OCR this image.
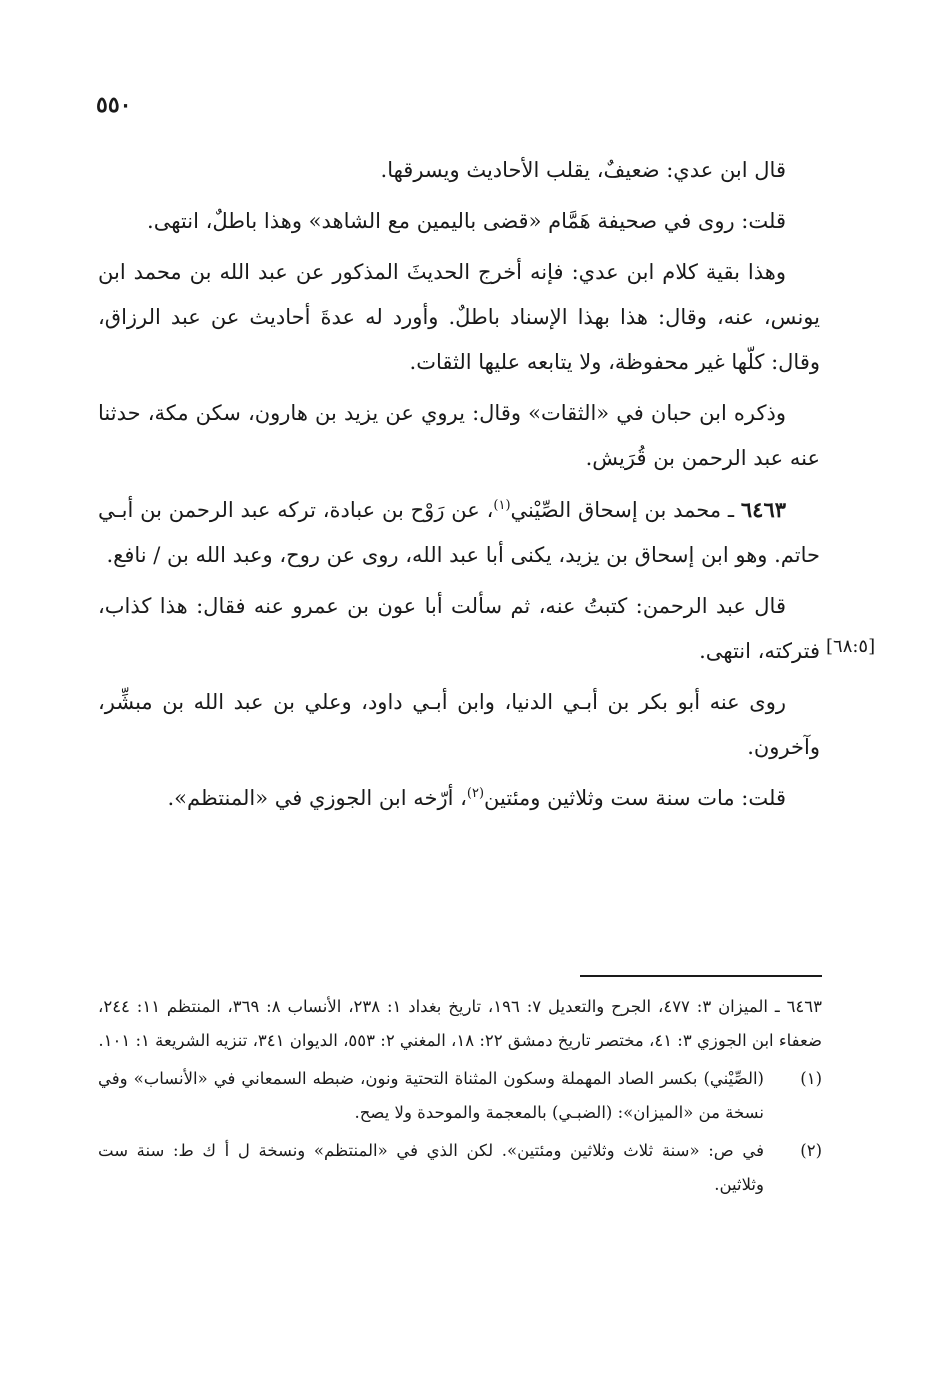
٥٥٠

قال ابن عدي: ضعيفٌ، يقلب الأحاديث ويسرقها.

قلت: روى في صحيفة هَمَّام «قضى باليمين مع الشاهد» وهذا باطلٌ، انتهى.

وهذا بقية كلام ابن عدي: فإنه أخرج الحديثَ المذكور عن عبد الله بن محمد ابن يونس، عنه، وقال: هذا بهذا الإسناد باطلٌ. وأورد له عدةَ أحاديث عن عبد الرزاق، وقال: كلّها غير محفوظة، ولا يتابعه عليها الثقات.

وذكره ابن حبان في «الثقات» وقال: يروي عن يزيد بن هارون، سكن مكة، حدثنا عنه عبد الرحمن بن قُرَيش.

٦٤٦٣ ـ محمد بن إسحاق الصِّيْني$^{(١)}$، عن رَوْح بن عبادة، تركه عبد الرحمن بن أبـي حاتم. وهو ابن إسحاق بن يزيد، يكنى أبا عبد الله، روى عن روح، وعبد الله بن / نافع.

قال عبد الرحمن: كتبتُ عنه، ثم سألت أبا عون بن عمرو عنه فقال: هذا كذاب، فتركته، انتهى.

روى عنه أبو بكر بن أبـي الدنيا، وابن أبـي داود، وعلي بن عبد الله بن مبشِّر، وآخرون.

قلت: مات سنة ست وثلاثين ومئتين$^{(٢)}$، أرّخه ابن الجوزي في «المنتظم».

[٦٨:٥]

٦٤٦٣ ـ الميزان ٣: ٤٧٧، الجرح والتعديل ٧: ١٩٦، تاريخ بغداد ١: ٢٣٨، الأنساب ٨: ٣٦٩، المنتظم ١١: ٢٤٤، ضعفاء ابن الجوزي ٣: ٤١، مختصر تاريخ دمشق ٢٢: ١٨، المغني ٢: ٥٥٣، الديوان ٣٤١، تنزيه الشريعة ١: ١٠١.

(١)(الصِّيْني) بكسر الصاد المهملة وسكون المثناة التحتية ونون، ضبطه السمعاني في «الأنساب» وفي نسخة من «الميزان»: (الضبـي) بالمعجمة والموحدة ولا يصح.

(٢)في ص: «سنة ثلاث وثلاثين ومئتين». لكن الذي في «المنتظم» ونسخة ل أ ك ط: سنة ست وثلاثين.
